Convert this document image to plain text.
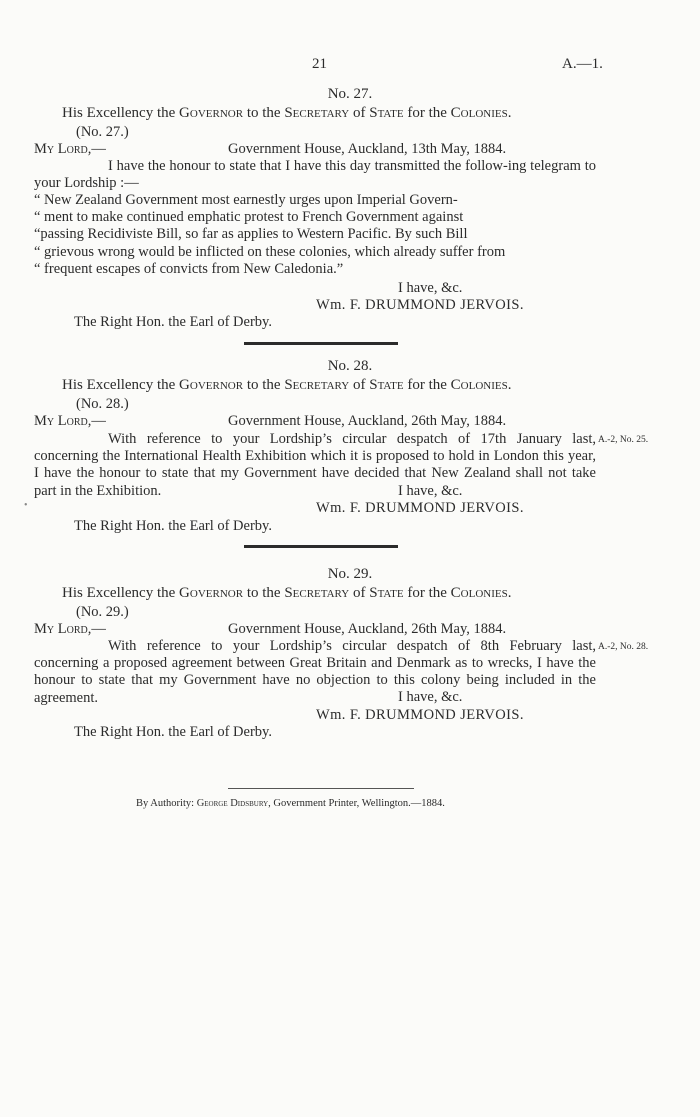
21	A.—1.
No. 27.
His Excellency the Governor to the Secretary of State for the Colonies.
(No. 27.)
My Lord,—	Government House, Auckland, 13th May, 1884.

I have the honour to state that I have this day transmitted the follow-ing telegram to your Lordship :—

“ New Zealand Government most earnestly urges upon Imperial Govern-
“ ment to make continued emphatic protest to French Government against
“passing Recidiviste Bill, so far as applies to Western Pacific. By such Bill
“ grievous wrong would be inflicted on these colonies, which already suffer from
“ frequent escapes of convicts from New Caledonia.”
I have, &c.
Wm. F. DRUMMOND JERVOIS.
The Right Hon. the Earl of Derby.
No. 28.
His Excellency the Governor to the Secretary of State for the Colonies.
(No. 28.)
My Lord,—	Government House, Auckland, 26th May, 1884.

With reference to your Lordship’s circular despatch of 17th January last, concerning the International Health Exhibition which it is proposed to hold in London this year, I have the honour to state that my Government have decided that New Zealand shall not take part in the Exhibition.

A.-2, No. 25.
I have, &c.
Wm. F. DRUMMOND JERVOIS.
The Right Hon. the Earl of Derby.
No. 29.
His Excellency the Governor to the Secretary of State for the Colonies.
(No. 29.)
My Lord,—	Government House, Auckland, 26th May, 1884.

With reference to your Lordship’s circular despatch of 8th February last, concerning a proposed agreement between Great Britain and Denmark as to wrecks, I have the honour to state that my Government have no objection to this colony being included in the agreement.

A.-2, No. 28.
I have, &c.
Wm. F. DRUMMOND JERVOIS.
The Right Hon. the Earl of Derby.
By Authority: George Didsbury, Government Printer, Wellington.—1884.
•
